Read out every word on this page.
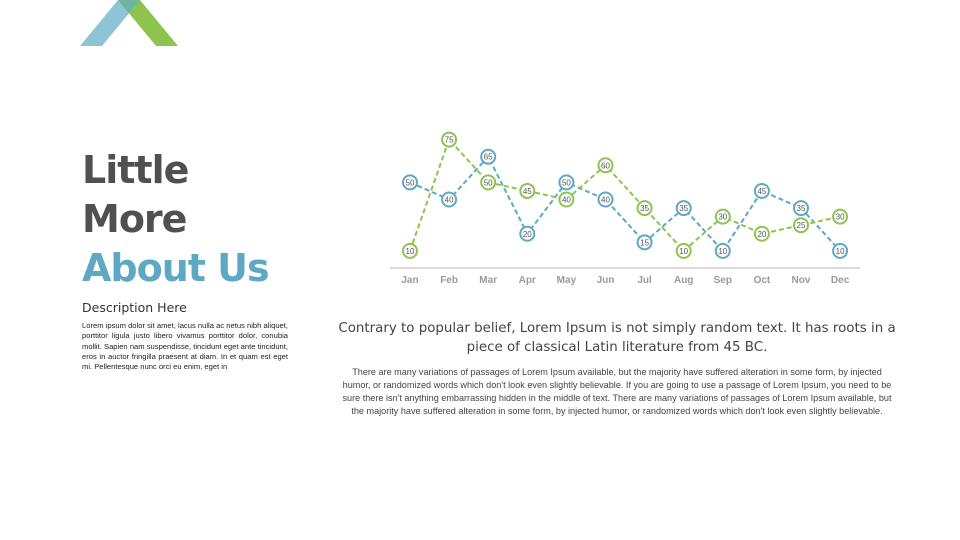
Little
More
About Us
Description Here
Lorem ipsum dolor sit amet, lacus nulla ac netus nibh aliquet, porttitor ligula justo libero vivamus porttitor dolor, conubia mollit. Sapien nam suspendisse, tincidunt eget ante tincidunt, eros in auctor fringilla praesent at diam. In et quam est eget mi. Pellentesque nunc orci eu enim, eget in
Jan Feb Mar Apr May Jun Jul Aug Sep Oct Nov Dec
50
40
65
20
50
40
15
35
10
45
35
10
10
75
50
45
40
60
35
10
30
20
25
30
Contrary to popular belief, Lorem Ipsum is not simply random text. It has roots in a piece of classical Latin literature from 45 BC.
There are many variations of passages of Lorem Ipsum available, but the majority have suffered alteration in some form, by injected humor, or randomized words which don't look even slightly believable. If you are going to use a passage of Lorem Ipsum, you need to be sure there isn't anything embarrassing hidden in the middle of text. There are many variations of passages of Lorem Ipsum available, but the majority have suffered alteration in some form, by injected humor, or randomized words which don't look even slightly believable.
